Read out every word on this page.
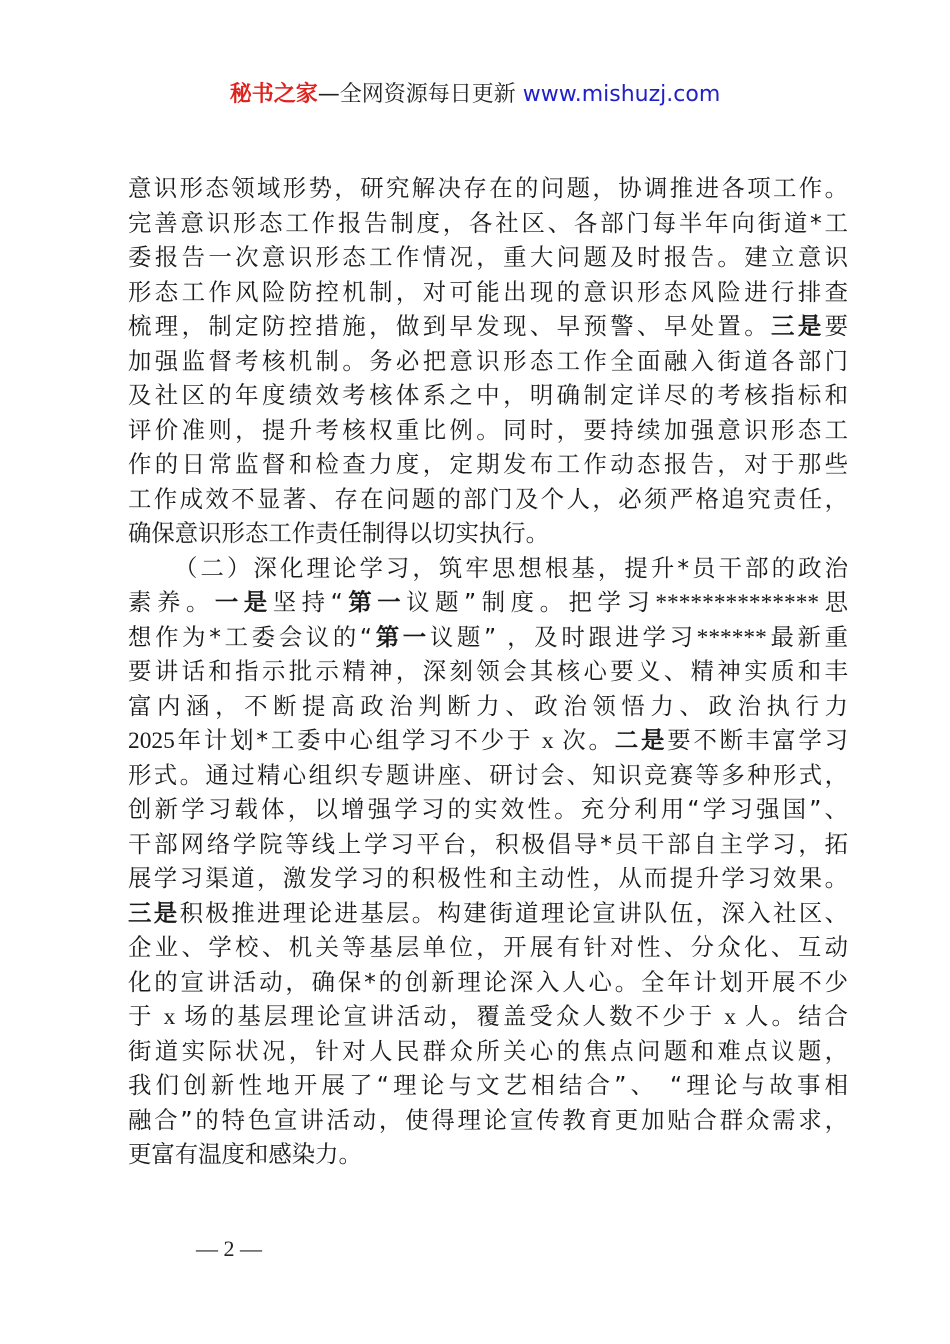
秘书之家—全网资源每日更新 www.mishuzj.com
意识形态领域形势，研究解决存在的问题，协调推进各项工作。
完善意识形态工作报告制度，各社区、各部门每半年向街道*工
委报告一次意识形态工作情况，重大问题及时报告。建立意识
形态工作风险防控机制，对可能出现的意识形态风险进行排查
梳理，制定防控措施，做到早发现、早预警、早处置。三是要
加强监督考核机制。务必把意识形态工作全面融入街道各部门
及社区的年度绩效考核体系之中，明确制定详尽的考核指标和
评价准则，提升考核权重比例。同时，要持续加强意识形态工
作的日常监督和检查力度，定期发布工作动态报告，对于那些
工作成效不显著、存在问题的部门及个人，必须严格追究责任，
确保意识形态工作责任制得以切实执行。
（二）深化理论学习，筑牢思想根基，提升*员干部的政治
素养。一是坚持“第一议题”制度。把学习**************思
想作为*工委会议的“第一议题” ，及时跟进学习******最新重
要讲话和指示批示精神，深刻领会其核心要义、精神实质和丰
富内涵，不断提高政治判断力、政治领悟力、政治执行力
2025年计划*工委中心组学习不少于 x 次。二是要不断丰富学习
形式。通过精心组织专题讲座、研讨会、知识竞赛等多种形式，
创新学习载体，以增强学习的实效性。充分利用“学习强国”、
干部网络学院等线上学习平台，积极倡导*员干部自主学习，拓
展学习渠道，激发学习的积极性和主动性，从而提升学习效果。
三是积极推进理论进基层。构建街道理论宣讲队伍，深入社区、
企业、学校、机关等基层单位，开展有针对性、分众化、互动
化的宣讲活动，确保*的创新理论深入人心。全年计划开展不少
于 x 场的基层理论宣讲活动，覆盖受众人数不少于 x 人。结合
街道实际状况，针对人民群众所关心的焦点问题和难点议题，
我们创新性地开展了“理论与文艺相结合”、 “理论与故事相
融合”的特色宣讲活动，使得理论宣传教育更加贴合群众需求，
更富有温度和感染力。
— 2 —
